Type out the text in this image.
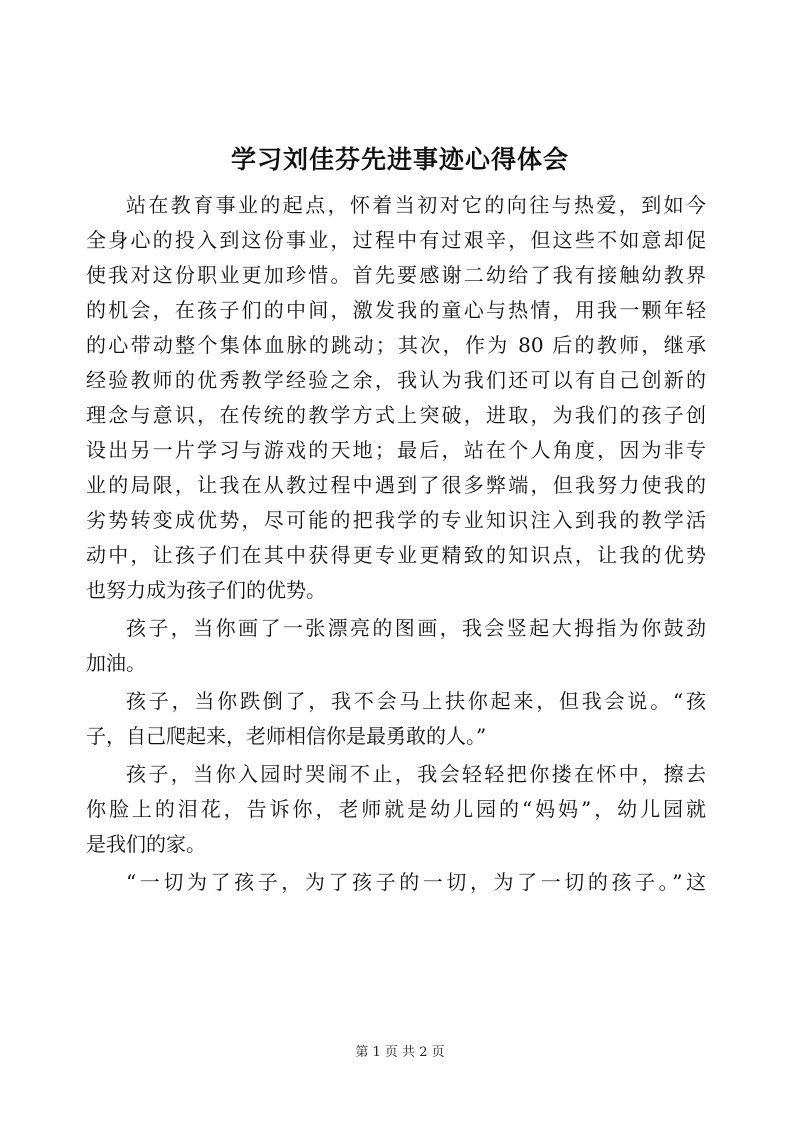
学习刘佳芬先进事迹心得体会
站在教育事业的起点，怀着当初对它的向往与热爱，到如今
全身心的投入到这份事业，过程中有过艰辛，但这些不如意却促
使我对这份职业更加珍惜。首先要感谢二幼给了我有接触幼教界
的机会，在孩子们的中间，激发我的童心与热情，用我一颗年轻
的心带动整个集体血脉的跳动；其次，作为 80 后的教师，继承
经验教师的优秀教学经验之余，我认为我们还可以有自己创新的
理念与意识，在传统的教学方式上突破，进取，为我们的孩子创
设出另一片学习与游戏的天地；最后，站在个人角度，因为非专
业的局限，让我在从教过程中遇到了很多弊端，但我努力使我的
劣势转变成优势，尽可能的把我学的专业知识注入到我的教学活
动中，让孩子们在其中获得更专业更精致的知识点，让我的优势
也努力成为孩子们的优势。
孩子，当你画了一张漂亮的图画，我会竖起大拇指为你鼓劲
加油。
孩子，当你跌倒了，我不会马上扶你起来，但我会说。“孩
子，自己爬起来，老师相信你是最勇敢的人。”
孩子，当你入园时哭闹不止，我会轻轻把你搂在怀中，擦去
你脸上的泪花，告诉你，老师就是幼儿园的“妈妈”，幼儿园就
是我们的家。
“一切为了孩子，为了孩子的一切，为了一切的孩子。”这
第 1 页 共 2 页
